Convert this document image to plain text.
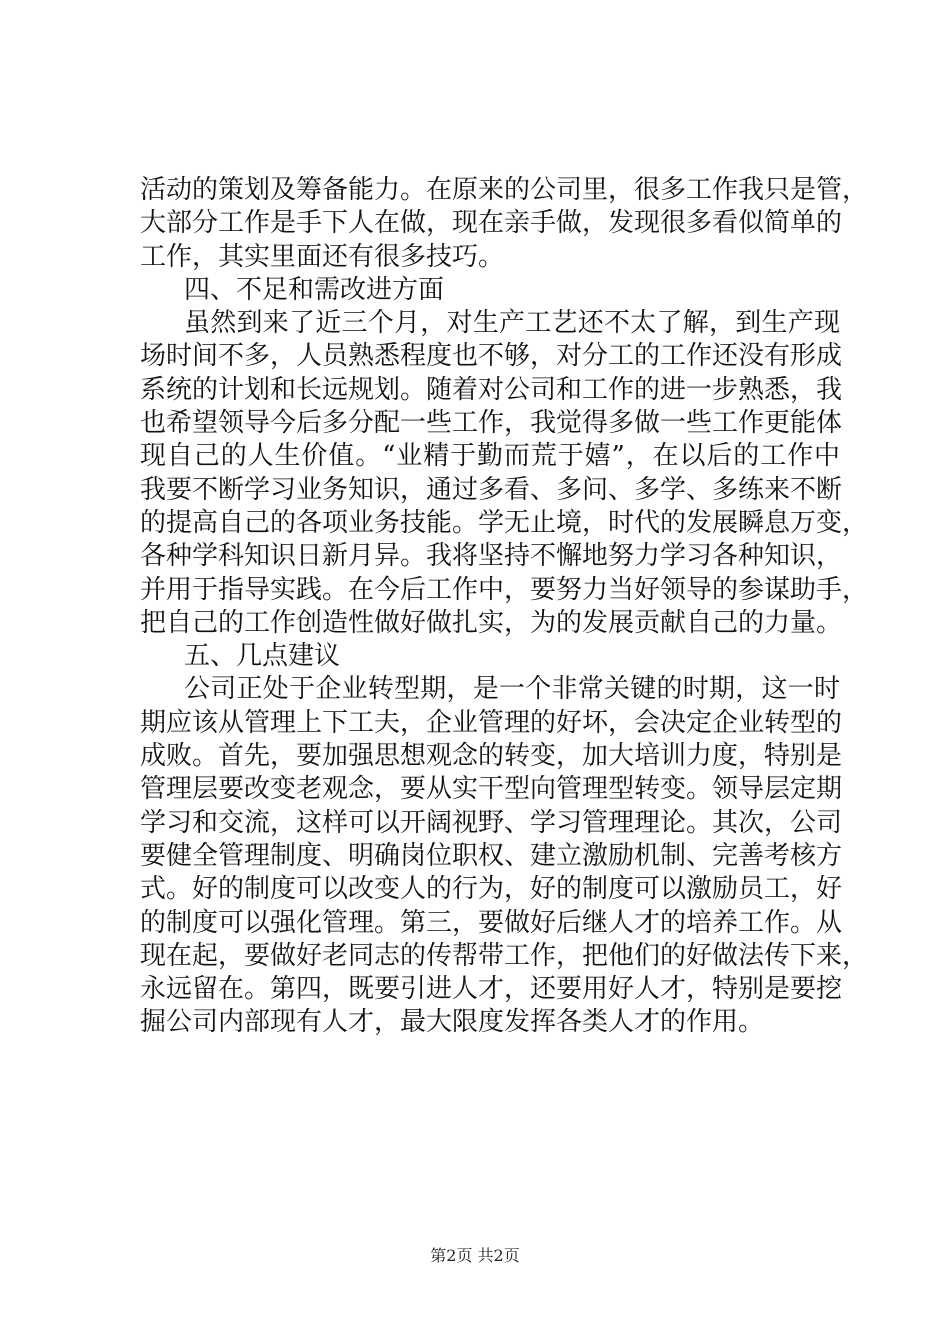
活动的策划及筹备能力。在原来的公司里，很多工作我只是管，
大部分工作是手下人在做，现在亲手做，发现很多看似简单的
工作，其实里面还有很多技巧。
四、不足和需改进方面
虽然到来了近三个月，对生产工艺还不太了解，到生产现
场时间不多，人员熟悉程度也不够，对分工的工作还没有形成
系统的计划和长远规划。随着对公司和工作的进一步熟悉，我
也希望领导今后多分配一些工作，我觉得多做一些工作更能体
现自己的人生价值。“业精于勤而荒于嬉”，在以后的工作中
我要不断学习业务知识，通过多看、多问、多学、多练来不断
的提高自己的各项业务技能。学无止境，时代的发展瞬息万变，
各种学科知识日新月异。我将坚持不懈地努力学习各种知识，
并用于指导实践。在今后工作中，要努力当好领导的参谋助手，
把自己的工作创造性做好做扎实，为的发展贡献自己的力量。
五、几点建议
公司正处于企业转型期，是一个非常关键的时期，这一时
期应该从管理上下工夫，企业管理的好坏，会决定企业转型的
成败。首先，要加强思想观念的转变，加大培训力度，特别是
管理层要改变老观念，要从实干型向管理型转变。领导层定期
学习和交流，这样可以开阔视野、学习管理理论。其次，公司
要健全管理制度、明确岗位职权、建立激励机制、完善考核方
式。好的制度可以改变人的行为，好的制度可以激励员工，好
的制度可以强化管理。第三，要做好后继人才的培养工作。从
现在起，要做好老同志的传帮带工作，把他们的好做法传下来，
永远留在。第四，既要引进人才，还要用好人才，特别是要挖
掘公司内部现有人才，最大限度发挥各类人才的作用。
第2页 共2页
